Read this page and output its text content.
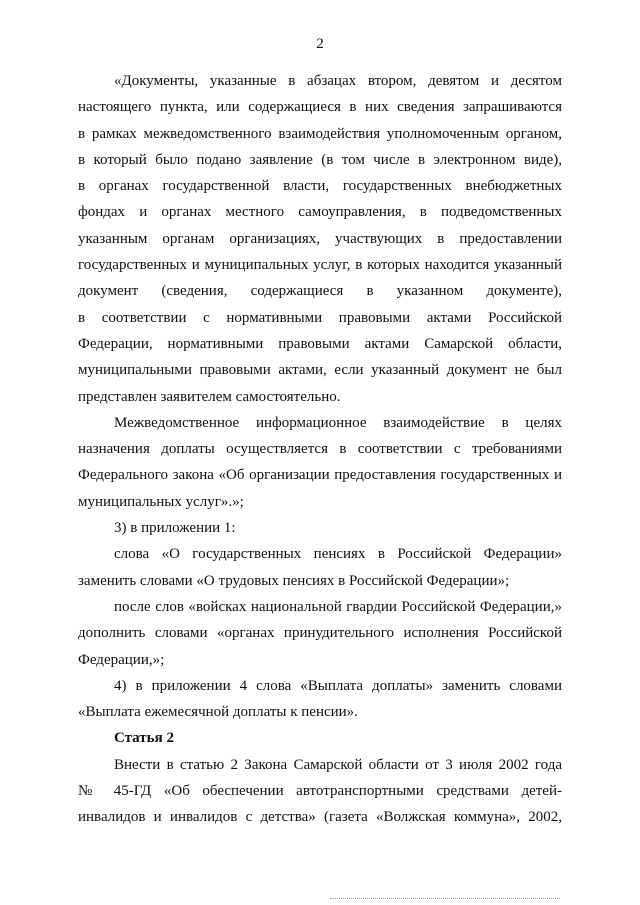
2
«Документы, указанные в абзацах втором, девятом и десятом
настоящего пункта, или содержащиеся в них сведения запрашиваются
в рамках межведомственного взаимодействия уполномоченным органом,
в который было подано заявление (в том числе в электронном виде),
в органах государственной власти, государственных внебюджетных
фондах и органах местного самоуправления, в подведомственных
указанным органам организациях, участвующих в предоставлении
государственных и муниципальных услуг, в которых находится указанный
документ (сведения, содержащиеся в указанном документе),
в соответствии с нормативными правовыми актами Российской
Федерации, нормативными правовыми актами Самарской области,
муниципальными правовыми актами, если указанный документ не был
представлен заявителем самостоятельно.
Межведомственное информационное взаимодействие в целях
назначения доплаты осуществляется в соответствии с требованиями
Федерального закона «Об организации предоставления государственных и
муниципальных услуг».»;
3) в приложении 1:
слова «О государственных пенсиях в Российской Федерации»
заменить словами «О трудовых пенсиях в Российской Федерации»;
после слов «войсках национальной гвардии Российской Федерации,»
дополнить словами «органах принудительного исполнения Российской
Федерации,»;
4) в приложении 4 слова «Выплата доплаты» заменить словами
«Выплата ежемесячной доплаты к пенсии».
Статья 2
Внести в статью 2 Закона Самарской области от 3 июля 2002 года
№ 45-ГД «Об обеспечении автотранспортными средствами детей-
инвалидов и инвалидов с детства» (газета «Волжская коммуна», 2002,
